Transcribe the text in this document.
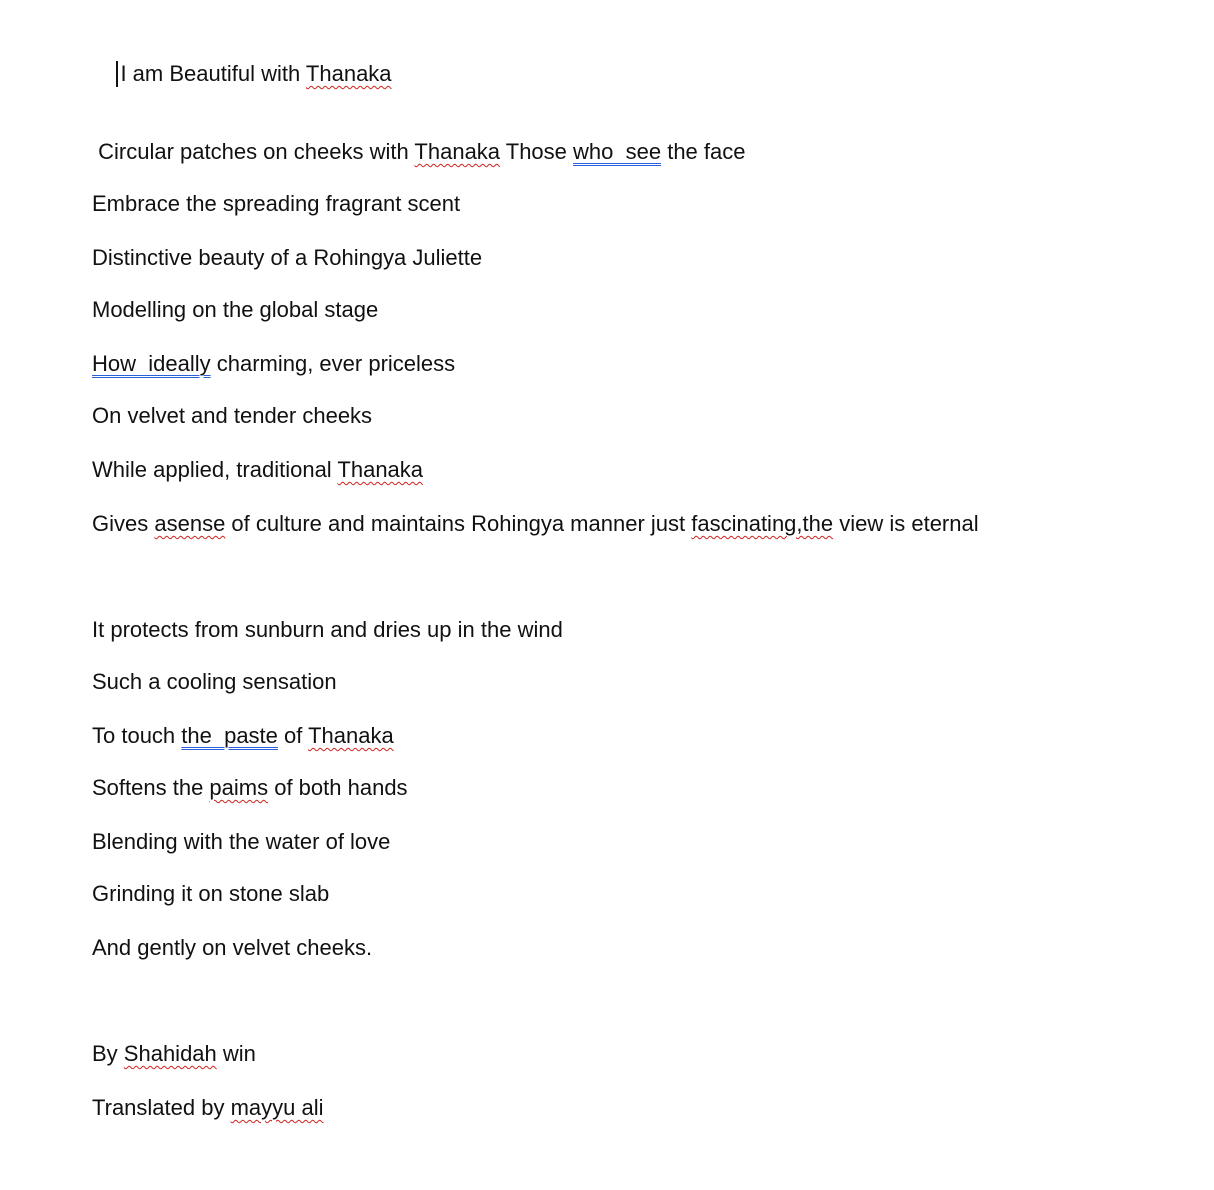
I am Beautiful with Thanaka

Circular patches on cheeks with Thanaka Those who  see the face
Embrace the spreading fragrant scent
Distinctive beauty of a Rohingya Juliette
Modelling on the global stage
How  ideally charming, ever priceless
On velvet and tender cheeks
While applied, traditional Thanaka
Gives asense of culture and maintains Rohingya manner just fascinating,the view is eternal
It protects from sunburn and dries up in the wind
Such a cooling sensation
To touch the  paste of Thanaka
Softens the paims of both hands
Blending with the water of love
Grinding it on stone slab
And gently on velvet cheeks.
By Shahidah win
Translated by mayyu ali
